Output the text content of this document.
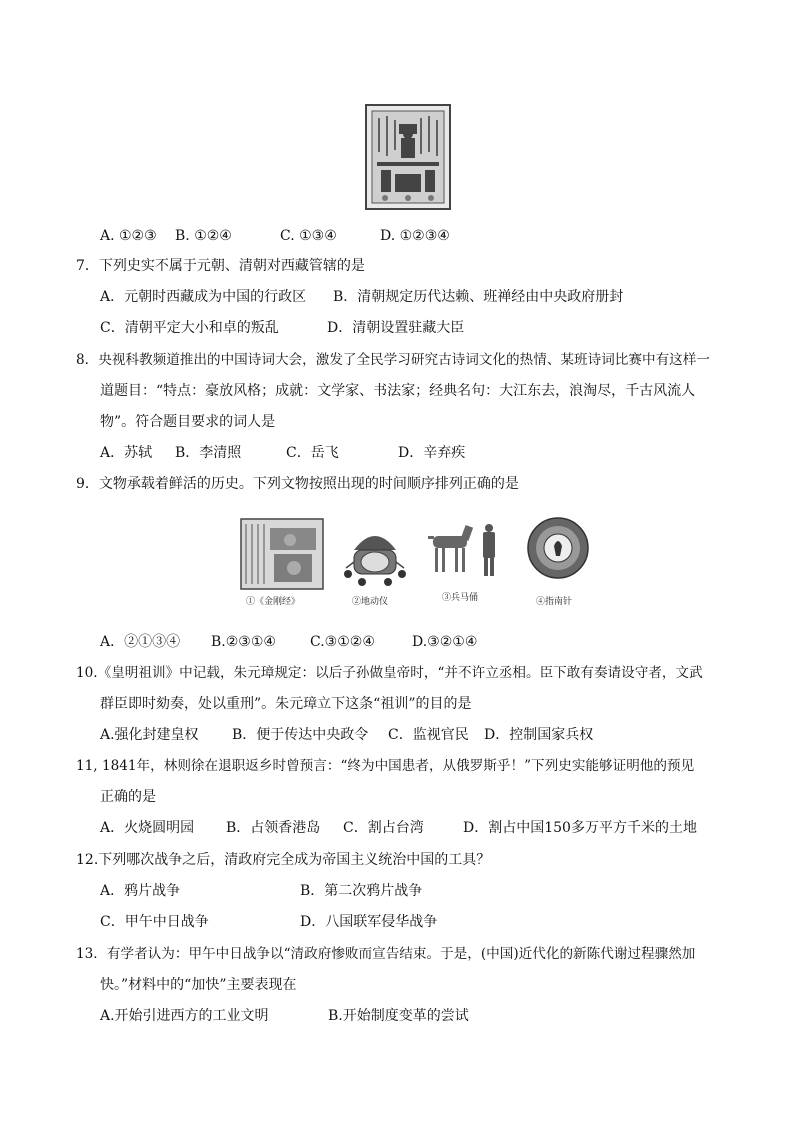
A. ①②③ B. ①②④	C. ①③④	D. ①②③④
7．下列史实不属于元朝、清朝对西藏管辖的是
A．元朝时西藏成为中国的行政区 B．清朝规定历代达赖、班禅经由中央政府册封
C．清朝平定大小和卓的叛乱	D．清朝设置驻藏大臣
8．央视科教频道推出的中国诗词大会，激发了全民学习研究古诗词文化的热情、某班诗词比赛中有这样一
道题目：“特点：豪放风格；成就：文学家、书法家；经典名句：大江东去，浪淘尽，千古风流人
物”。符合题目要求的词人是
A．苏轼 B．李清照	C．岳飞	D．辛弃疾
9．文物承载着鲜活的历史。下列文物按照出现的时间顺序排列正确的是
①《金刚经》	②地动仪	③兵马俑	④指南针
A．②①③④ B.②③①④ C.③①②④	D.③②①④
10.《皇明祖训》中记载，朱元璋规定：以后子孙做皇帝时，“并不许立丞相。臣下敢有奏请设守者，文武
群臣即时劾奏，处以重刑”。朱元璋立下这条“祖训”的目的是
A.强化封建皇权 B．便于传达中央政令 C．监视官民 D．控制国家兵权
11, 1841年，林则徐在退职返乡时曾预言：“终为中国患者，从俄罗斯乎！”下列史实能够证明他的预见
正确的是
A．火烧圆明园 B．占领香港岛 C．割占台湾	D．割占中国150多万平方千米的土地
12.下列哪次战争之后，清政府完全成为帝国主义统治中国的工具？
A．鸦片战争	B．第二次鸦片战争
C．甲午中日战争	D．八国联军侵华战争
13．有学者认为：甲午中日战争以“清政府惨败而宣告结束。于是，(中国)近代化的新陈代谢过程骤然加
快。”材料中的“加快”主要表现在
A.开始引进西方的工业文明	B.开始制度变革的尝试
